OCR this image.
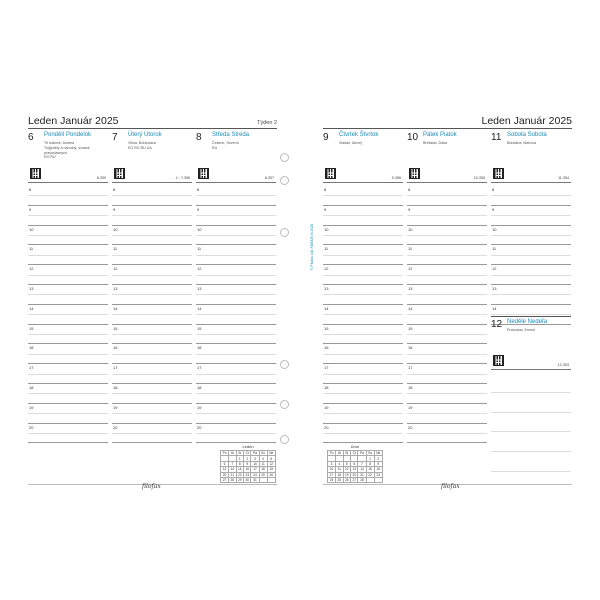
Leden Január 2025	Týden 2
6 Pondělí Pondelok
Tři králové, Andrea
Trojjediný a narodný, sviatok pravoslávnych
RO RU
6-359
8
9
10
11
12
13
14
15
16
17
18
19
20
7 Úterý Utorok
Vilma, Bohuslava
EG RO RU UA
4 · 7-358
8
9
10
11
12
13
14
15
16
17
18
19
20
8 Středa Streda
Čestmír, Severín
RU
8-357
8
9
10
11
12
13
14
15
16
17
18
19
20
Leden
Po	Út	St	Čt	Pá	So	Ne
		1	2	3	4	5
6	7	8	9	10	11	12
13	14	15	16	17	18	19
20	21	22	23	24	25	26
27	28	29	30	31		
filofax
Leden Január 2025
9 Čtvrtek Štvrtok
Vladan, Alexej
9-356
8
9
10
11
12
13
14
15
16
17
18
19
20
10 Pátek Piatok
Břetislav, Dáša
10-355
8
9
10
11
12
13
14
15
16
17
18
19
20
11 Sobota Sobota
Bohdana, Malvína
11-354
8
9
10
11
12
13
14
12 Neděle Nedeľa
Pravoslav, Ernest
12-353
Únor
Po	Út	St	Čt	Pá	So	Ne
					1	2
3	4	5	6	7	8	9
10	11	12	13	14	15	16
17	18	19	20	21	22	23
24	25	26	27	28		
filofax
© Filofax Ltd. FD6825 N 2025
